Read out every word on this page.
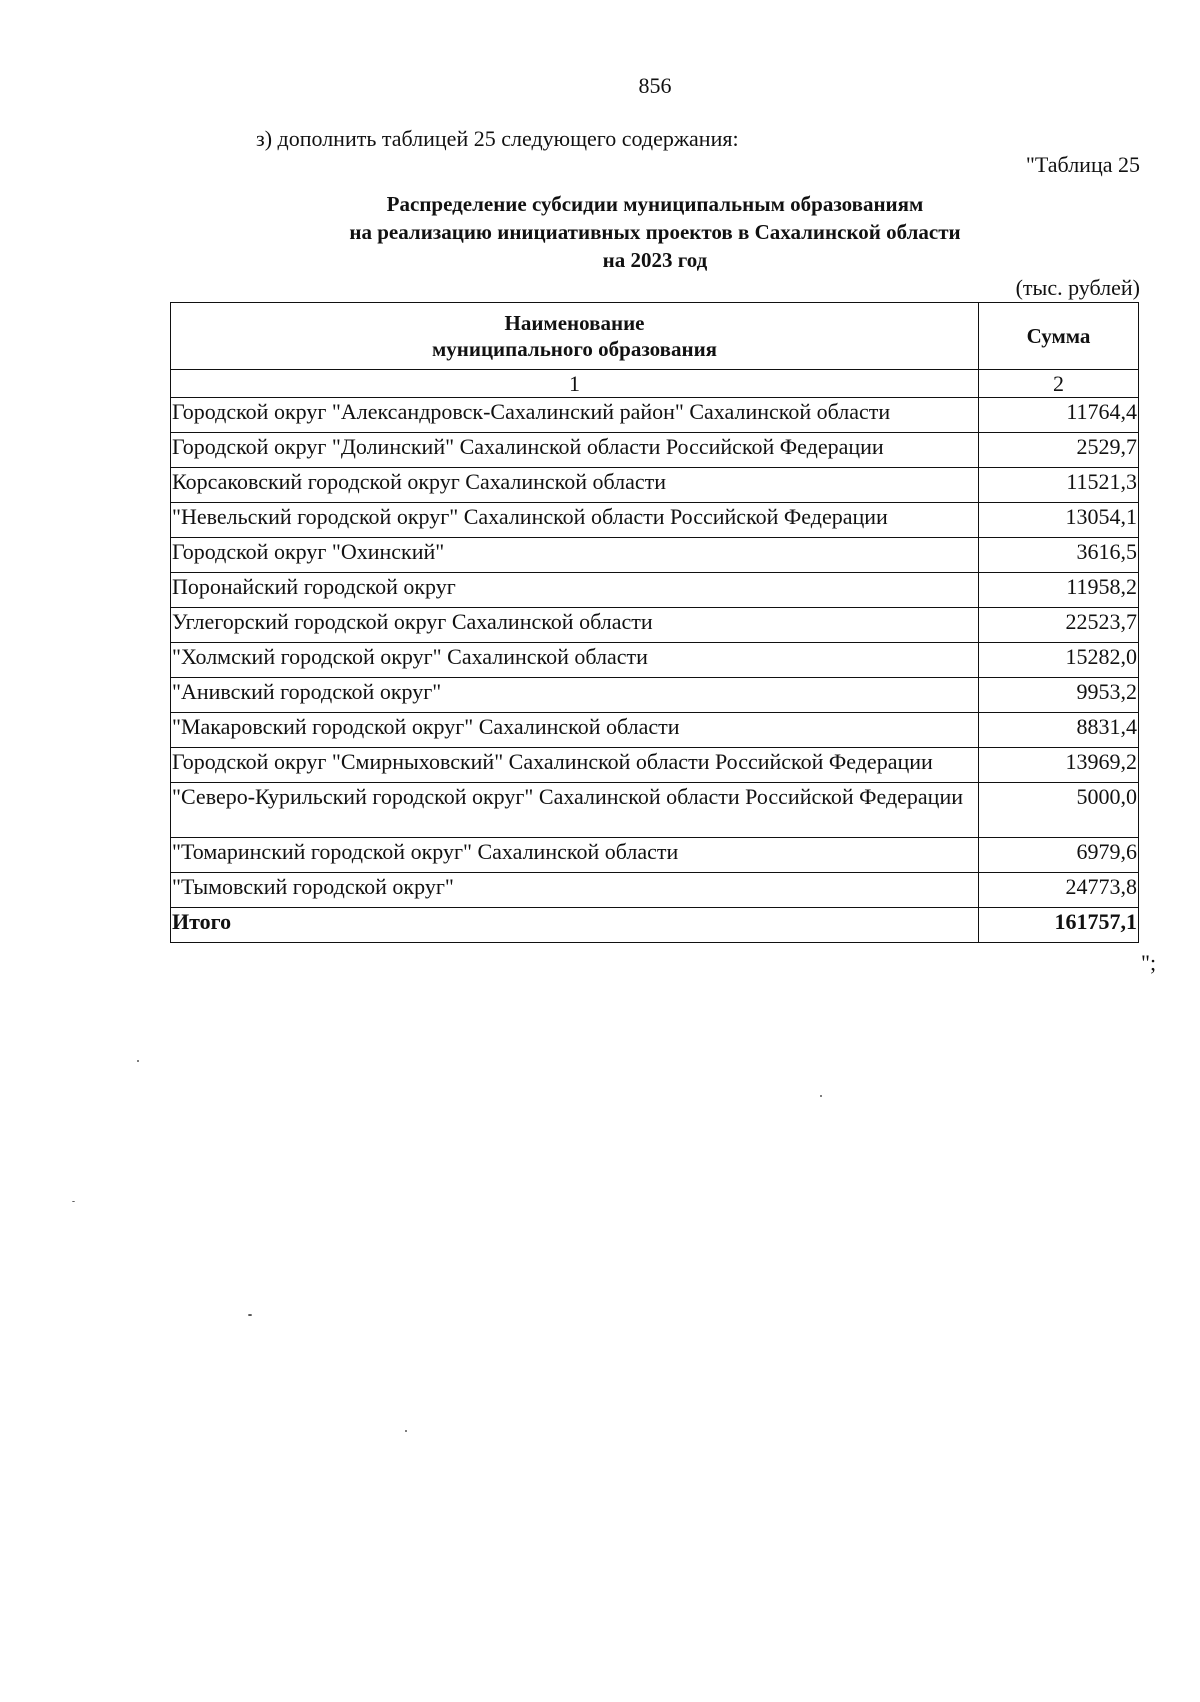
856
з) дополнить таблицей 25 следующего содержания:
"Таблица 25
Распределение субсидии муниципальным образованиям
на реализацию инициативных проектов в Сахалинской области
на 2023 год
(тыс. рублей)
Наименование
муниципального образования	Сумма
1	2
Городской округ "Александровск-Сахалинский район" Сахалинской области	11764,4
Городской округ "Долинский" Сахалинской области Российской Федерации	2529,7
Корсаковский городской округ Сахалинской области	11521,3
"Невельский городской округ" Сахалинской области Российской Федерации	13054,1
Городской округ "Охинский"	3616,5
Поронайский городской округ	11958,2
Углегорский городской округ Сахалинской области	22523,7
"Холмский городской округ" Сахалинской области	15282,0
"Анивский городской округ"	9953,2
"Макаровский городской округ" Сахалинской области	8831,4
Городской округ "Смирныховский" Сахалинской области Российской Федерации	13969,2
"Северо-Курильский городской округ" Сахалинской области Российской Федерации	5000,0
"Томаринский городской округ" Сахалинской области	6979,6
"Тымовский городской округ"	24773,8
Итого	161757,1
";
